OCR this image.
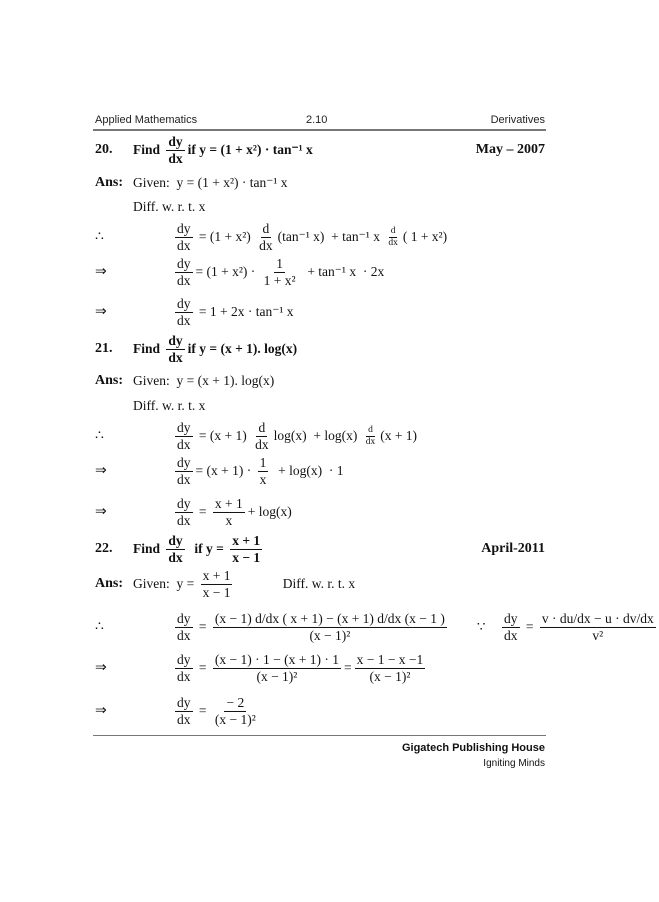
Applied Mathematics	2.10	Derivatives
20. Find $\frac{dy}{dx}$ if y = (1 + x²) · tan⁻¹ x	May – 2007
Ans: Given:  y = (1 + x²) · tan⁻¹ x
Diff. w. r. t. x
∴	$\frac{dy}{dx} = (1 + x^2) \frac{d}{dx} (\tan^{-1}$ x)  + tan⁻¹ x $\frac{d}{dx}$ ( 1 + x²)
⇒	$\frac{dy}{dx} = (1 + x^2) \cdot \frac{1}{\text{1 + x²}} + \tan^{-1}$ x  · 2x
⇒	$\frac{dy}{dx} = 1 + 2x \cdot \tan^{-1}$ x
21. Find $\frac{dy}{dx}$ if y = (x + 1). log(x)
Ans: Given:  y = (x + 1). log(x)
Diff. w. r. t. x
∴	$\frac{dy}{dx} = (x + 1) \frac{d}{dx} \log(x) + \log(x) \frac{d}{dx} (x + 1)$
⇒	$\frac{dy}{dx} = (x + 1) \cdot \frac{1}{x} + \log(x) \cdot 1$
⇒	$\frac{dy}{dx} = \frac{x + 1}{x} + \log(x)$
22. Find $\frac{dy}{dx}$ if $y = \frac{x + 1}{x - 1}$	April-2011
Ans: Given:  $y = \frac{x + 1}{x - 1}$ Diff. w. r. t. x
∴	$\frac{dy}{dx} = \frac{(x - 1) d/dx ( x + 1) - (x + 1) d/dx (x - 1 )}{\text{(x − 1)²}}$ ∵ $\frac{dy}{dx} = \frac{v \cdot du/dx - u \cdot dv/dx}{\text{v²}}$
⇒	$\frac{dy}{dx} = \frac{(x - 1) \cdot 1 - (x + 1) \cdot 1}{\text{(x − 1)²}} = \frac{x - 1 - x -1}{\text{(x − 1)²}}$
⇒	$\frac{dy}{dx} = \frac{- 2}{\text{(x − 1)²}}$
Gigatech Publishing House
Igniting Minds
